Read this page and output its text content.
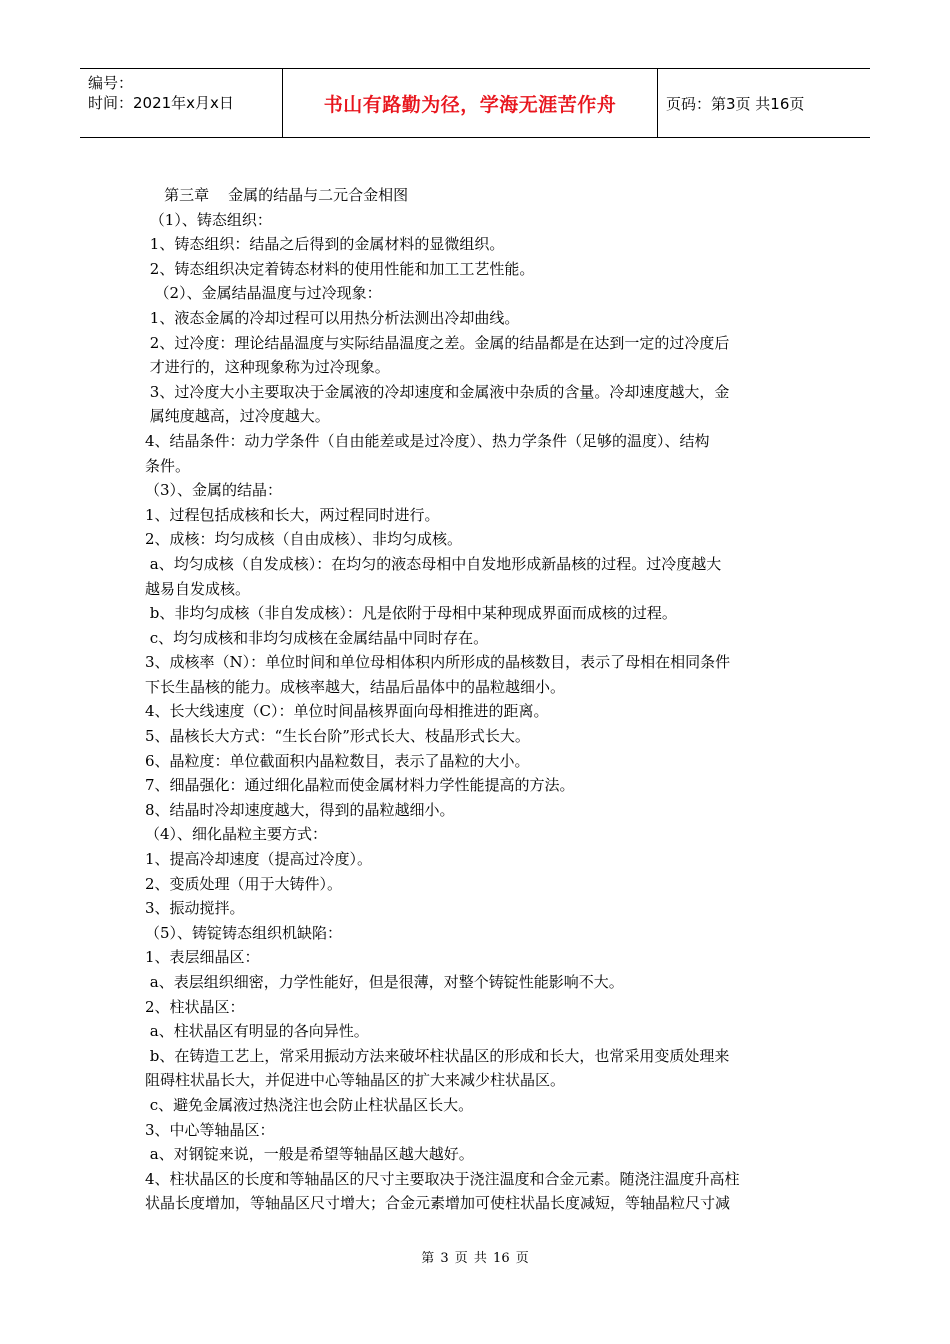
编号：
时间：2021年x月x日	书山有路勤为径，学海无涯苦作舟	页码：第3页 共16页

第三章    金属的结晶与二元合金相图

（1）、铸态组织：

1、铸态组织：结晶之后得到的金属材料的显微组织。

2、铸态组织决定着铸态材料的使用性能和加工工艺性能。

（2）、金属结晶温度与过冷现象：

1、液态金属的冷却过程可以用热分析法测出冷却曲线。

2、过冷度：理论结晶温度与实际结晶温度之差。金属的结晶都是在达到一定的过冷度后

才进行的，这种现象称为过冷现象。

3、过冷度大小主要取决于金属液的冷却速度和金属液中杂质的含量。冷却速度越大，金

属纯度越高，过冷度越大。

4、结晶条件：动力学条件（自由能差或是过冷度）、热力学条件（足够的温度）、结构

条件。

（3）、金属的结晶：

1、过程包括成核和长大，两过程同时进行。

2、成核：均匀成核（自由成核）、非均匀成核。

a、均匀成核（自发成核）：在均匀的液态母相中自发地形成新晶核的过程。过冷度越大

越易自发成核。

b、非均匀成核（非自发成核）：凡是依附于母相中某种现成界面而成核的过程。

c、均匀成核和非均匀成核在金属结晶中同时存在。

3、成核率（N）：单位时间和单位母相体积内所形成的晶核数目，表示了母相在相同条件

下长生晶核的能力。成核率越大，结晶后晶体中的晶粒越细小。

4、长大线速度（C）：单位时间晶核界面向母相推进的距离。

5、晶核长大方式：“生长台阶”形式长大、枝晶形式长大。

6、晶粒度：单位截面积内晶粒数目，表示了晶粒的大小。

7、细晶强化：通过细化晶粒而使金属材料力学性能提高的方法。

8、结晶时冷却速度越大，得到的晶粒越细小。

（4）、细化晶粒主要方式：

1、提高冷却速度（提高过冷度）。

2、变质处理（用于大铸件）。

3、振动搅拌。

（5）、铸锭铸态组织机缺陷：

1、表层细晶区：

a、表层组织细密，力学性能好，但是很薄，对整个铸锭性能影响不大。

2、柱状晶区：

a、柱状晶区有明显的各向异性。

b、在铸造工艺上，常采用振动方法来破坏柱状晶区的形成和长大，也常采用变质处理来

阻碍柱状晶长大，并促进中心等轴晶区的扩大来减少柱状晶区。

c、避免金属液过热浇注也会防止柱状晶区长大。

3、中心等轴晶区：

a、对钢锭来说，一般是希望等轴晶区越大越好。

4、柱状晶区的长度和等轴晶区的尺寸主要取决于浇注温度和合金元素。随浇注温度升高柱

状晶长度增加，等轴晶区尺寸增大；合金元素增加可使柱状晶长度减短，等轴晶粒尺寸减

第 3 页 共 16 页
